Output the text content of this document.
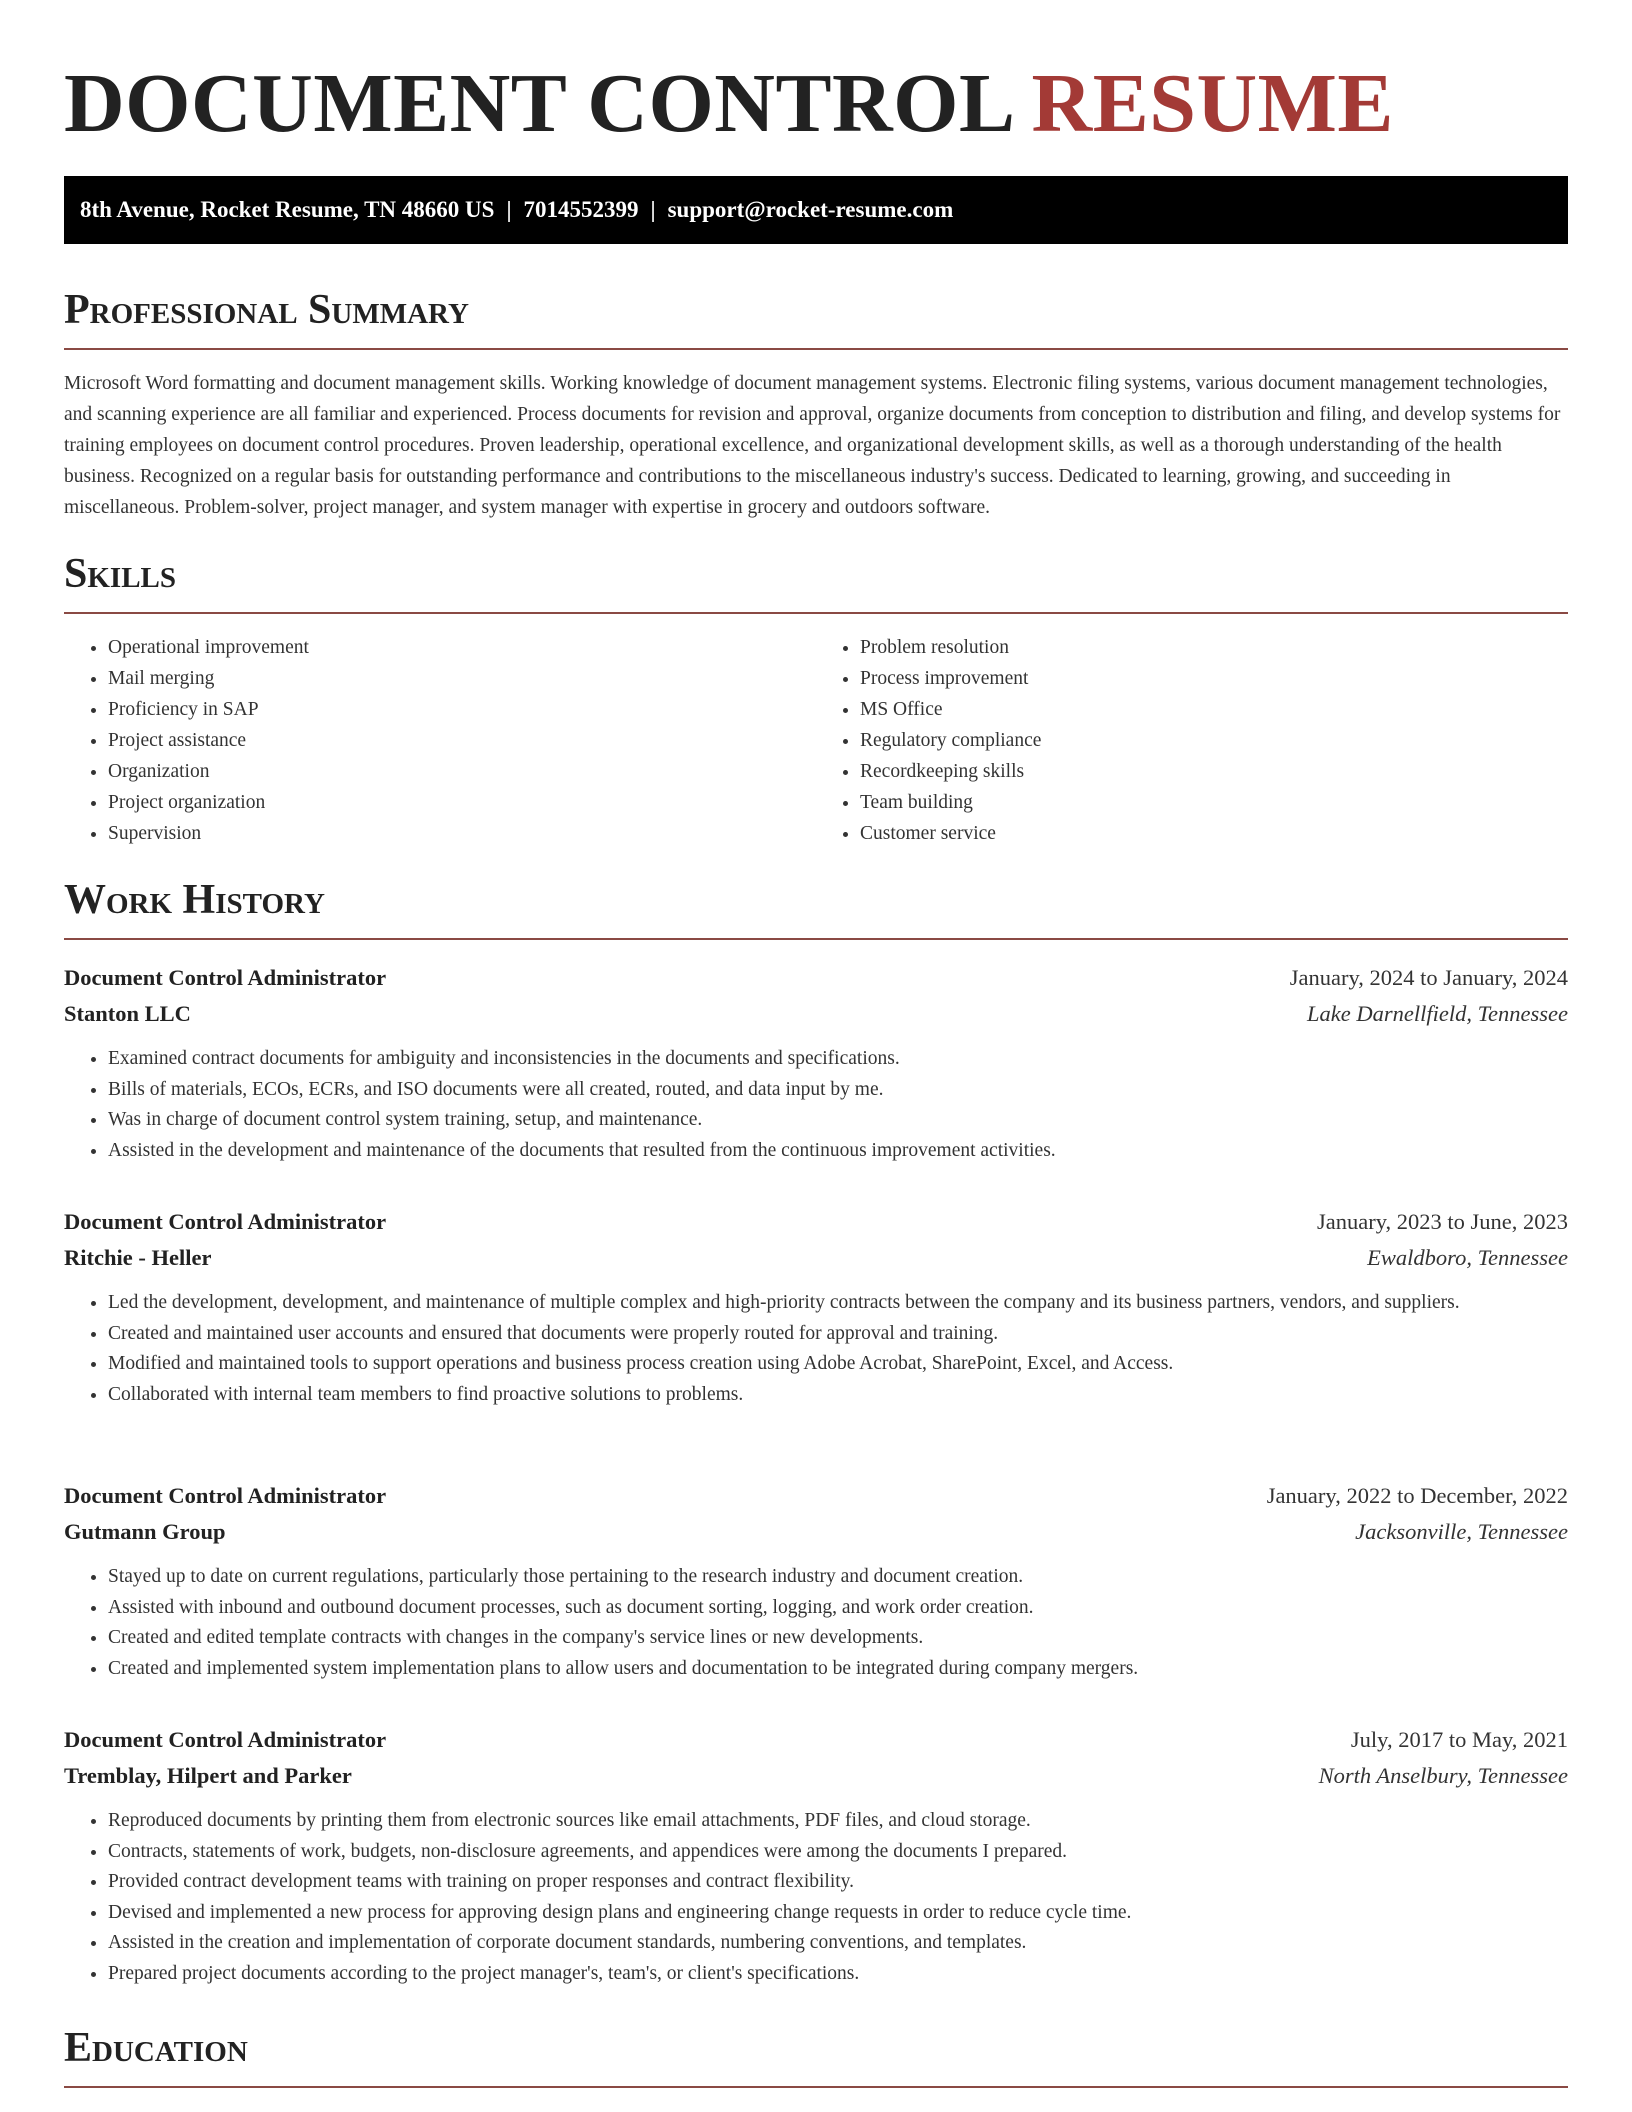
DOCUMENT CONTROL RESUME
8th Avenue, Rocket Resume, TN 48660 US | 7014552399 | support@rocket-resume.com
Professional Summary

Microsoft Word formatting and document management skills. Working knowledge of document management systems. Electronic filing systems, various document management technologies, and scanning experience are all familiar and experienced. Process documents for revision and approval, organize documents from conception to distribution and filing, and develop systems for training employees on document control procedures. Proven leadership, operational excellence, and organizational development skills, as well as a thorough understanding of the health business. Recognized on a regular basis for outstanding performance and contributions to the miscellaneous industry's success. Dedicated to learning, growing, and succeeding in miscellaneous. Problem-solver, project manager, and system manager with expertise in grocery and outdoors software.

Skills
• Operational improvement
• Mail merging
• Proficiency in SAP
• Project assistance
• Organization
• Project organization
• Supervision
• Problem resolution
• Process improvement
• MS Office
• Regulatory compliance
• Recordkeeping skills
• Team building
• Customer service
Work History
Document Control Administrator	January, 2024 to January, 2024
Stanton LLC	Lake Darnellfield, Tennessee
• Examined contract documents for ambiguity and inconsistencies in the documents and specifications.
• Bills of materials, ECOs, ECRs, and ISO documents were all created, routed, and data input by me.
• Was in charge of document control system training, setup, and maintenance.
• Assisted in the development and maintenance of the documents that resulted from the continuous improvement activities.
Document Control Administrator	January, 2023 to June, 2023
Ritchie - Heller	Ewaldboro, Tennessee
• Led the development, development, and maintenance of multiple complex and high-priority contracts between the company and its business partners, vendors, and suppliers.
• Created and maintained user accounts and ensured that documents were properly routed for approval and training.
• Modified and maintained tools to support operations and business process creation using Adobe Acrobat, SharePoint, Excel, and Access.
• Collaborated with internal team members to find proactive solutions to problems.
Document Control Administrator	January, 2022 to December, 2022
Gutmann Group	Jacksonville, Tennessee
• Stayed up to date on current regulations, particularly those pertaining to the research industry and document creation.
• Assisted with inbound and outbound document processes, such as document sorting, logging, and work order creation.
• Created and edited template contracts with changes in the company's service lines or new developments.
• Created and implemented system implementation plans to allow users and documentation to be integrated during company mergers.
Document Control Administrator	July, 2017 to May, 2021
Tremblay, Hilpert and Parker	North Anselbury, Tennessee
• Reproduced documents by printing them from electronic sources like email attachments, PDF files, and cloud storage.
• Contracts, statements of work, budgets, non-disclosure agreements, and appendices were among the documents I prepared.
• Provided contract development teams with training on proper responses and contract flexibility.
• Devised and implemented a new process for approving design plans and engineering change requests in order to reduce cycle time.
• Assisted in the creation and implementation of corporate document standards, numbering conventions, and templates.
• Prepared project documents according to the project manager's, team's, or client's specifications.
Education
